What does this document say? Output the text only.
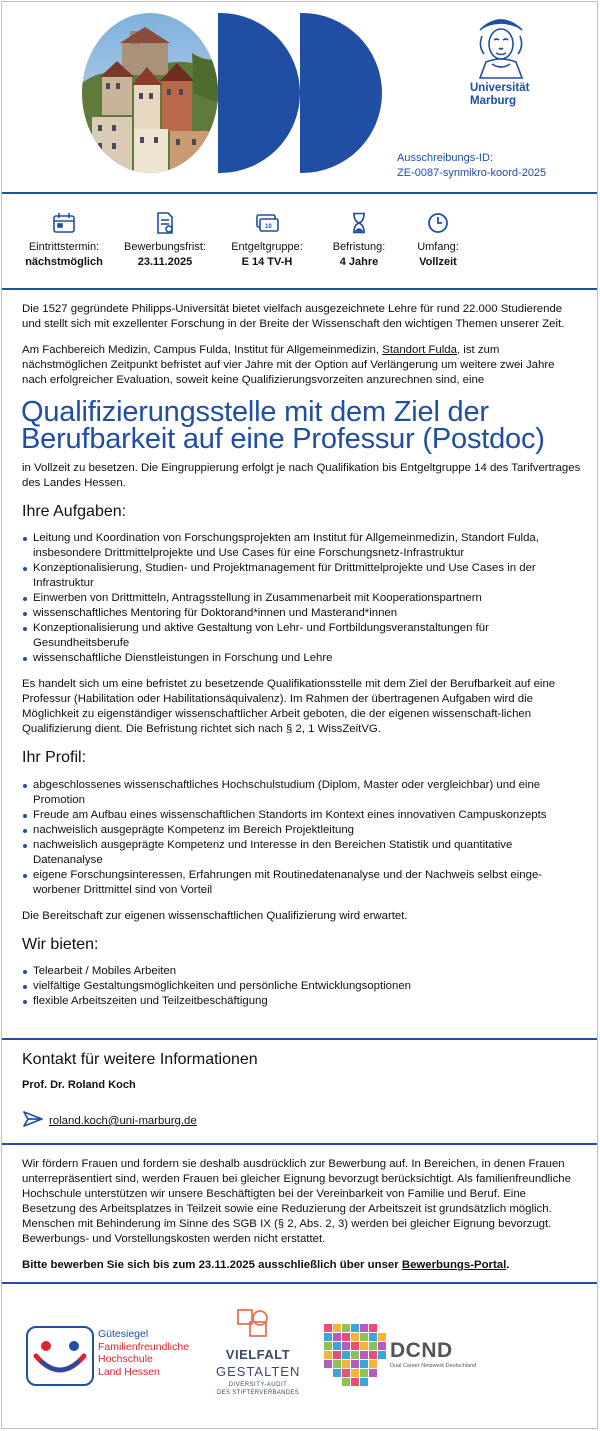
Universität
Marburg
Ausschreibungs-ID:
ZE-0087-synmikro-koord-2025
Eintrittstermin:
nächstmöglich
Bewerbungsfrist:
23.11.2025
10
Entgeltgruppe:
E 14 TV-H
Befristung:
4 Jahre
Umfang:
Vollzeit

Die 1527 gegründete Philipps-Universität bietet vielfach ausgezeichnete Lehre für rund 22.000 Studierende und stellt sich mit exzellenter Forschung in der Breite der Wissenschaft den wichtigen Themen unserer Zeit.

Am Fachbereich Medizin, Campus Fulda, Institut für Allgemeinmedizin, Standort Fulda, ist zum nächstmöglichen Zeitpunkt befristet auf vier Jahre mit der Option auf Verlängerung um weitere zwei Jahre nach erfolgreicher Evaluation, soweit keine Qualifizierungsvorzeiten anzurechnen sind, eine

Qualifizierungsstelle mit dem Ziel der Berufbarkeit auf eine Professur (Postdoc)

in Vollzeit zu besetzen. Die Eingruppierung erfolgt je nach Qualifikation bis Entgeltgruppe 14 des Tarifvertrages des Landes Hessen.

Ihre Aufgaben:
Leitung und Koordination von Forschungsprojekten am Institut für Allgemeinmedizin, Standort Fulda, insbesondere Drittmittelprojekte und Use Cases für eine Forschungsnetz-Infrastruktur
Konzeptionalisierung, Studien- und Projektmanagement für Drittmittelprojekte und Use Cases in der Infrastruktur
Einwerben von Drittmitteln, Antragsstellung in Zusammenarbeit mit Kooperationspartnern
wissenschaftliches Mentoring für Doktorand*innen und Masterand*innen
Konzeptionalisierung und aktive Gestaltung von Lehr- und Fortbildungsveranstaltungen für Gesundheitsberufe
wissenschaftliche Dienstleistungen in Forschung und Lehre

Es handelt sich um eine befristet zu besetzende Qualifikationsstelle mit dem Ziel der Berufbarkeit auf eine Professur (Habilitation oder Habilitationsäquivalenz). Im Rahmen der übertragenen Aufgaben wird die Möglichkeit zu eigenständiger wissenschaftlicher Arbeit geboten, die der eigenen wissenschaft-lichen Qualifizierung dient. Die Befristung richtet sich nach § 2, 1 WissZeitVG.

Ihr Profil:
abgeschlossenes wissenschaftliches Hochschulstudium (Diplom, Master oder vergleichbar) und eine Promotion
Freude am Aufbau eines wissenschaftlichen Standorts im Kontext eines innovativen Campuskonzepts
nachweislich ausgeprägte Kompetenz im Bereich Projektleitung
nachweislich ausgeprägte Kompetenz und Interesse in den Bereichen Statistik und quantitative Datenanalyse
eigene Forschungsinteressen, Erfahrungen mit Routinedatenanalyse und der Nachweis selbst einge-worbener Drittmittel sind von Vorteil

Die Bereitschaft zur eigenen wissenschaftlichen Qualifizierung wird erwartet.

Wir bieten:
Telearbeit / Mobiles Arbeiten
vielfältige Gestaltungsmöglichkeiten und persönliche Entwicklungsoptionen
flexible Arbeitszeiten und Teilzeitbeschäftigung
Kontakt für weitere Informationen
Prof. Dr. Roland Koch
roland.koch@uni-marburg.de

Wir fördern Frauen und fordern sie deshalb ausdrücklich zur Bewerbung auf. In Bereichen, in denen Frauen unterrepräsentiert sind, werden Frauen bei gleicher Eignung bevorzugt berücksichtigt. Als familienfreundliche Hochschule unterstützen wir unsere Beschäftigten bei der Vereinbarkeit von Familie und Beruf. Eine Besetzung des Arbeitsplatzes in Teilzeit sowie eine Reduzierung der Arbeitszeit ist grundsätzlich möglich. Menschen mit Behinderung im Sinne des SGB IX (§ 2, Abs. 2, 3) werden bei gleicher Eignung bevorzugt. Bewerbungs- und Vorstellungskosten werden nicht erstattet.

Bitte bewerben Sie sich bis zum 23.11.2025 ausschließlich über unser Bewerbungs-Portal.

Gütesiegel
Familienfreundliche
Hochschule
Land Hessen
VIELFALT
GESTALTEN
DIVERSITY-AUDIT
DES STIFTERVERBANDES
DCND
Dual Career Netzwerk Deutschland
